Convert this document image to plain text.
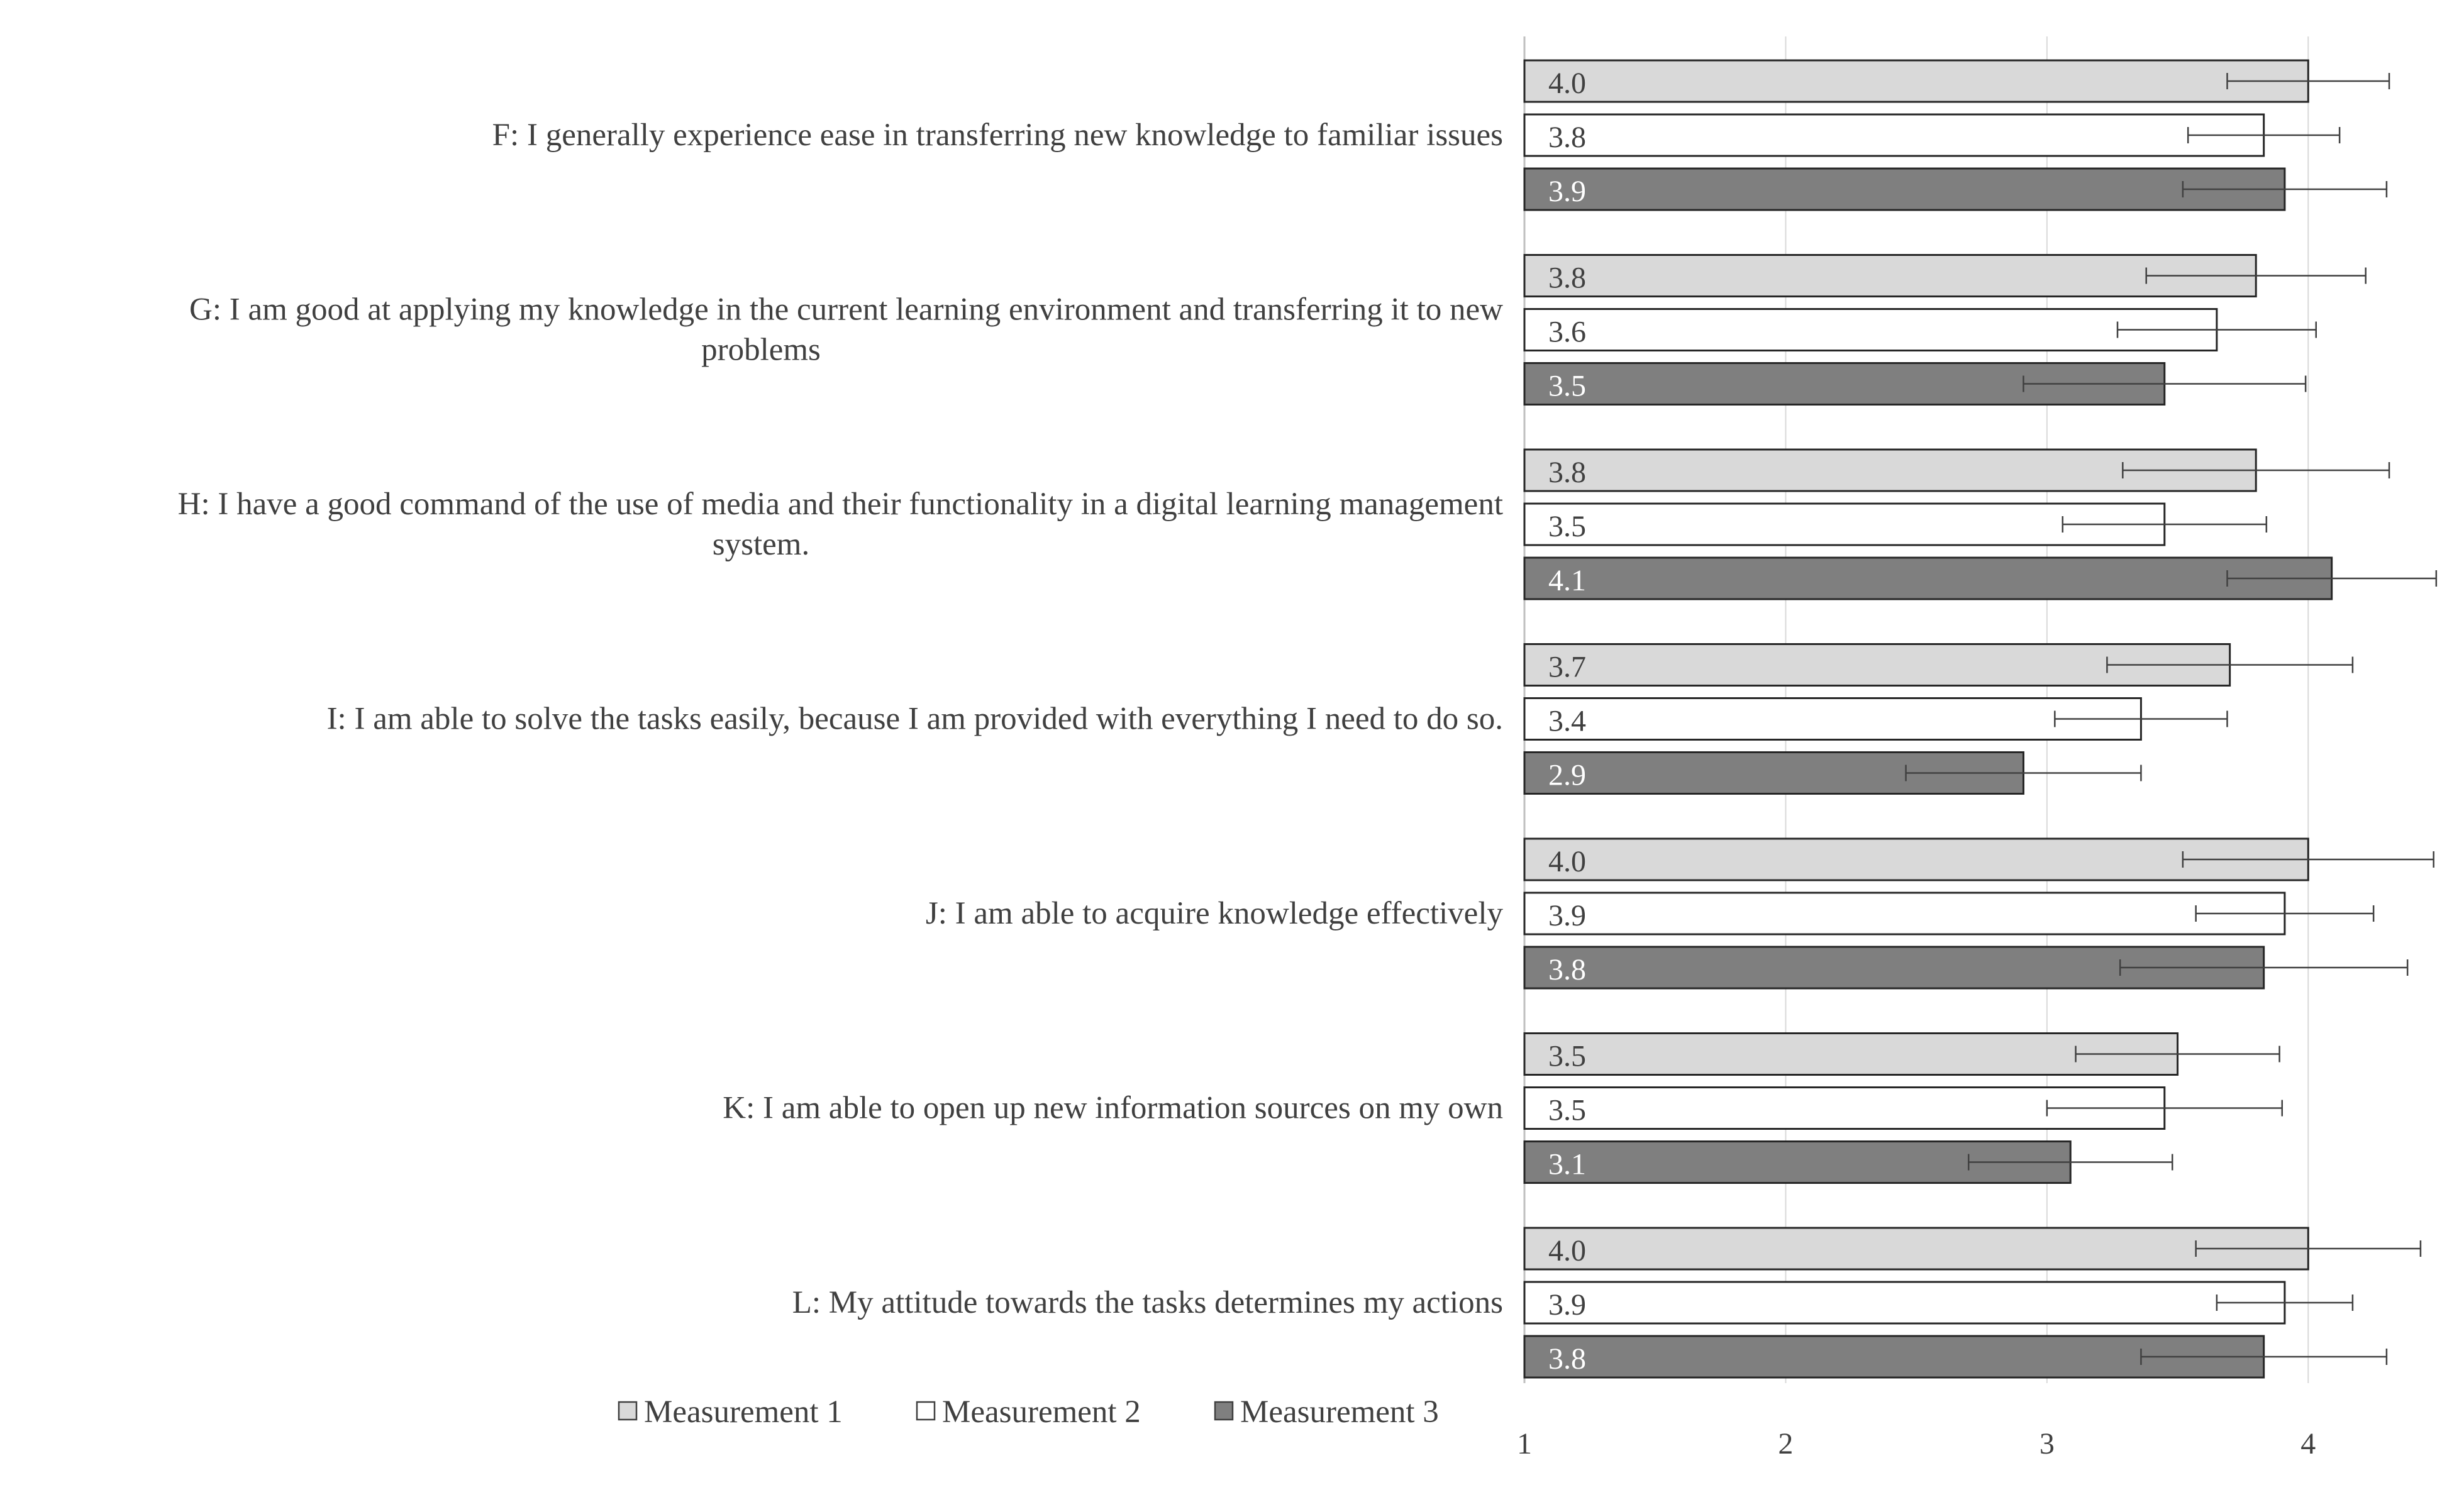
4.0
3.8
3.9
3.8
3.6
3.5
3.8
3.5
4.1
3.7
3.4
2.9
4.0
3.9
3.8
3.5
3.5
3.1
4.0
3.9
3.8
F: I generally experience ease in transferring new knowledge to familiar issues
G: I am good at applying my knowledge in the current learning environment and transferring it to new
problems
H: I have a good command of the use of media and their functionality in a digital learning management
system.
I: I am able to solve the tasks easily, because I am provided with everything I need to do so.
J: I am able to acquire knowledge effectively
K: I am able to open up new information sources on my own
L: My attitude towards the tasks determines my actions
1	2	3	4
Measurement 1	Measurement 2	Measurement 3
